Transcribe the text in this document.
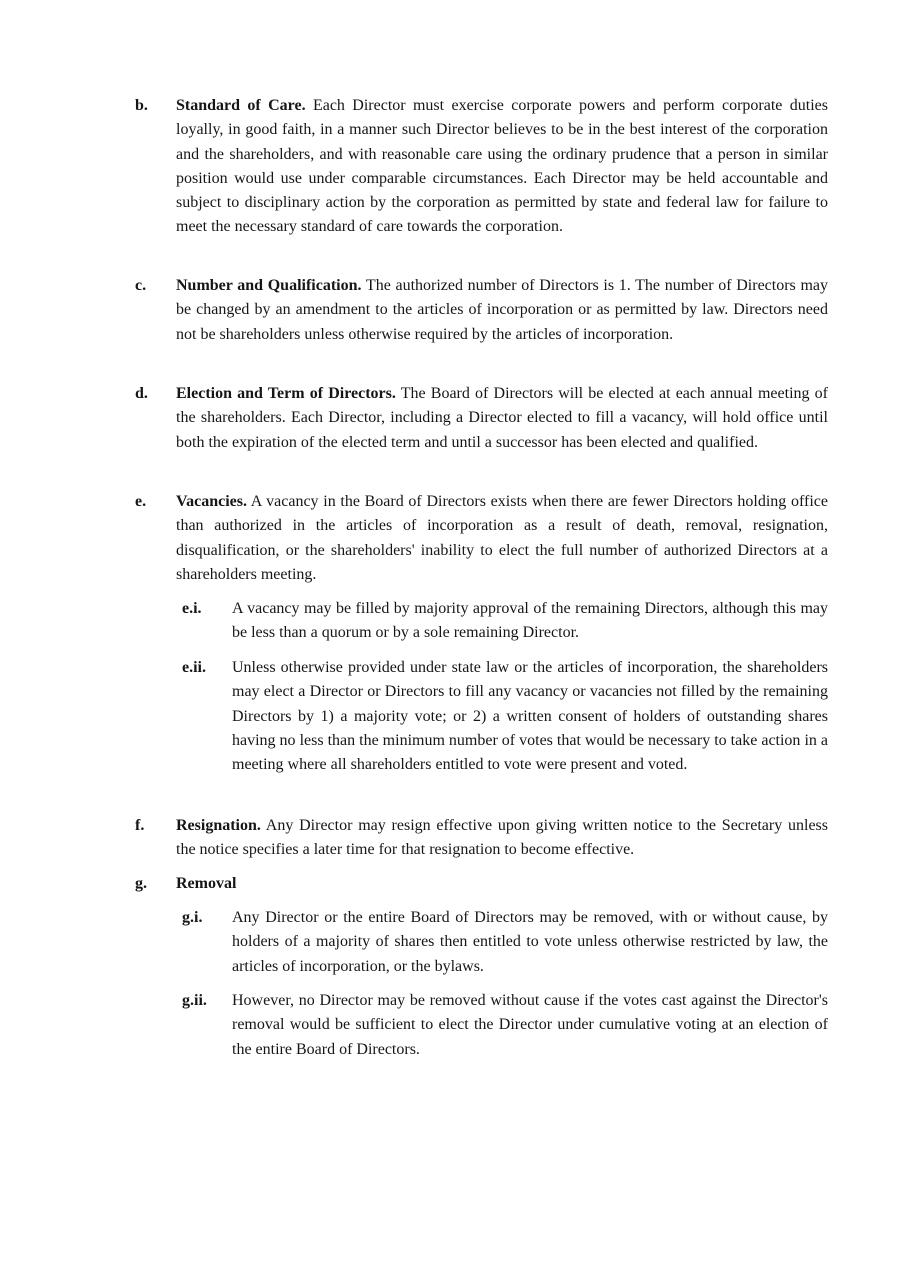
b. Standard of Care. Each Director must exercise corporate powers and perform corporate duties loyally, in good faith, in a manner such Director believes to be in the best interest of the corporation and the shareholders, and with reasonable care using the ordinary prudence that a person in similar position would use under comparable circumstances. Each Director may be held accountable and subject to disciplinary action by the corporation as permitted by state and federal law for failure to meet the necessary standard of care towards the corporation.

c. Number and Qualification. The authorized number of Directors is 1. The number of Directors may be changed by an amendment to the articles of incorporation or as permitted by law. Directors need not be shareholders unless otherwise required by the articles of incorporation.

d. Election and Term of Directors. The Board of Directors will be elected at each annual meeting of the shareholders. Each Director, including a Director elected to fill a vacancy, will hold office until both the expiration of the elected term and until a successor has been elected and qualified.

e. Vacancies. A vacancy in the Board of Directors exists when there are fewer Directors holding office than authorized in the articles of incorporation as a result of death, removal, resignation, disqualification, or the shareholders' inability to elect the full number of authorized Directors at a shareholders meeting.

e.i. A vacancy may be filled by majority approval of the remaining Directors, although this may be less than a quorum or by a sole remaining Director.

e.ii. Unless otherwise provided under state law or the articles of incorporation, the shareholders may elect a Director or Directors to fill any vacancy or vacancies not filled by the remaining Directors by 1) a majority vote; or 2) a written consent of holders of outstanding shares having no less than the minimum number of votes that would be necessary to take action in a meeting where all shareholders entitled to vote were present and voted.

f. Resignation. Any Director may resign effective upon giving written notice to the Secretary unless the notice specifies a later time for that resignation to become effective.

g. Removal

g.i. Any Director or the entire Board of Directors may be removed, with or without cause, by holders of a majority of shares then entitled to vote unless otherwise restricted by law, the articles of incorporation, or the bylaws.

g.ii. However, no Director may be removed without cause if the votes cast against the Director's removal would be sufficient to elect the Director under cumulative voting at an election of the entire Board of Directors.
